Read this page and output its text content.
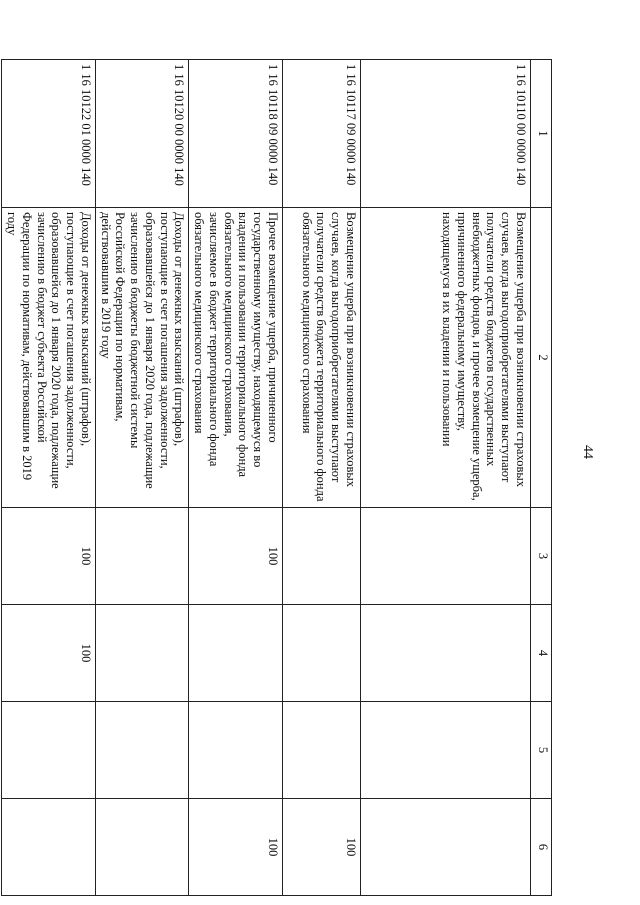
44
1	2	3	4	5	6
1 16 10110 00 0000 140	Возмещение ущерба при возникновении страховых случаев, когда выгодоприобретателями выступают получатели средств бюджетов государственных внебюджетных фондов, и прочее возмещение ущерба, причиненного федеральному имуществу, находящемуся в их владении и пользовании				
1 16 10117 09 0000 140	Возмещение ущерба при возникновении страховых случаев, когда выгодоприобретателями выступают получатели средств бюджета территориального фонда обязательного медицинского страхования				100
1 16 10118 09 0000 140	Прочее возмещение ущерба, причиненного государственному имуществу, находящемуся во владении и пользовании территориального фонда обязательного медицинского страхования, зачисляемое в бюджет территориального фонда обязательного медицинского страхования	100			100
1 16 10120 00 0000 140	Доходы от денежных взысканий (штрафов), поступающие в счет погашения задолженности, образовавшейся до 1 января 2020 года, подлежащие зачислению в бюджеты бюджетной системы Российской Федерации по нормативам, действовавшим в 2019 году				
1 16 10122 01 0000 140	Доходы от денежных взысканий (штрафов), поступающие в счет погашения задолженности, образовавшейся до 1 января 2020 года, подлежащие зачислению в бюджет субъекта Российской Федерации по нормативам, действовавшим в 2019 году	100	100		
